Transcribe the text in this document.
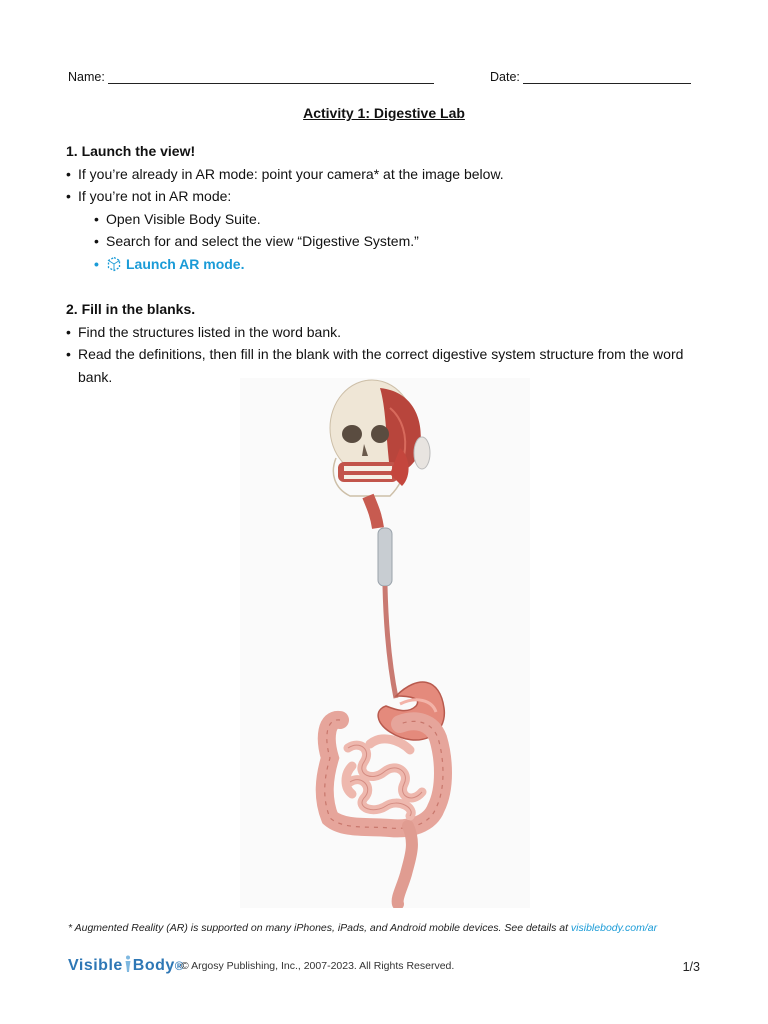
Name:	Date:
Activity 1: Digestive Lab
1. Launch the view!
• If you’re already in AR mode: point your camera* at the image below.
• If you’re not in AR mode:
• Open Visible Body Suite.
• Search for and select the view “Digestive System.”
• Launch AR mode.
2. Fill in the blanks.
• Find the structures listed in the word bank.
• Read the definitions, then fill in the blank with the correct digestive system structure from the word bank.
* Augmented Reality (AR) is supported on many iPhones, iPads, and Android mobile devices. See details at visiblebody.com/ar
Visible Body®
© Argosy Publishing, Inc., 2007-2023. All Rights Reserved.	1/3
